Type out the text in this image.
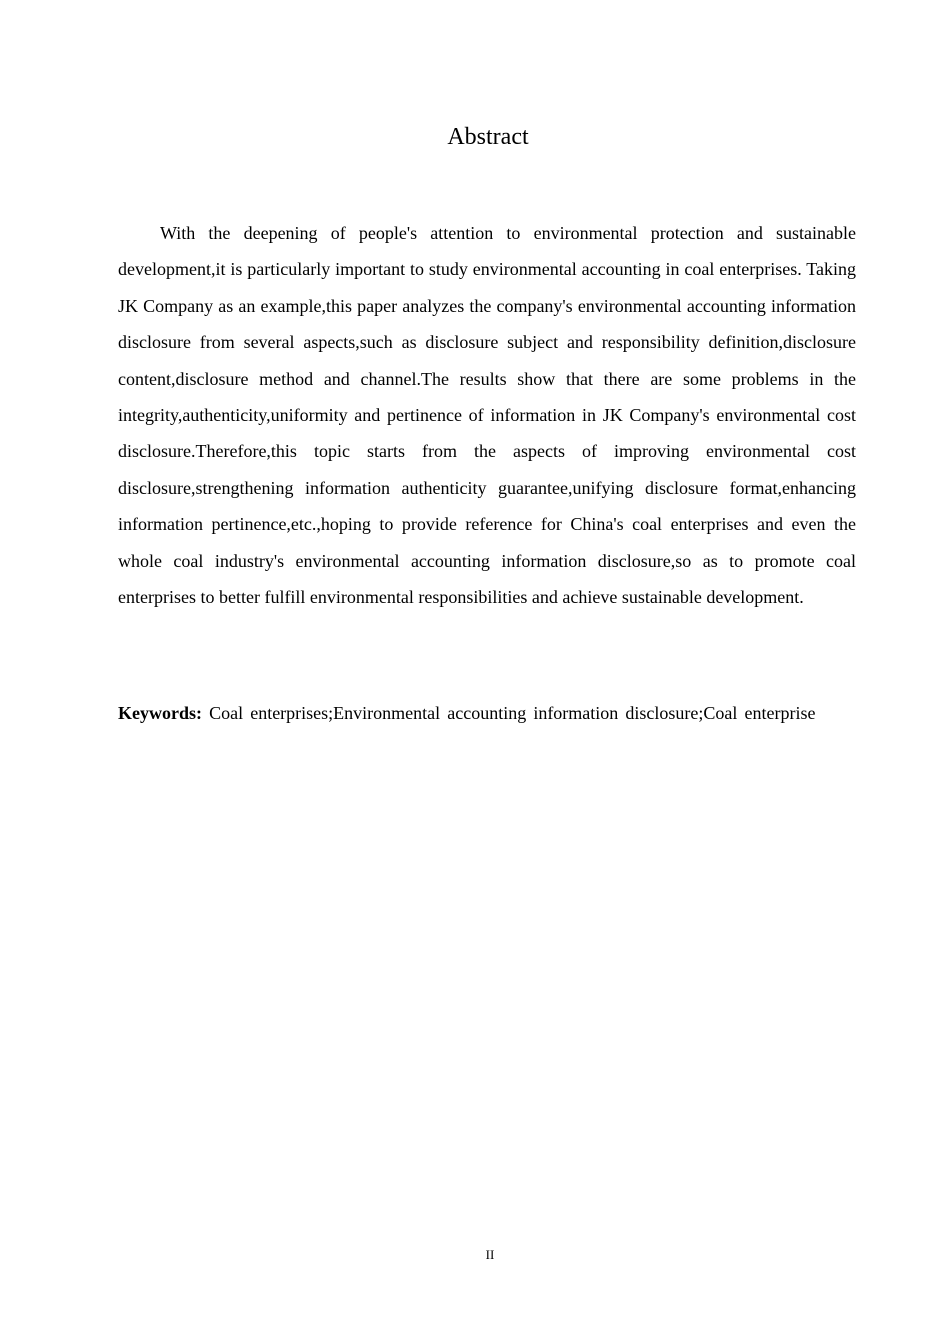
Abstract

With the deepening of people's attention to environmental protection and sustainable development,it is particularly important to study environmental accounting in coal enterprises. Taking JK Company as an example,this paper analyzes the company's environmental accounting information disclosure from several aspects,such as disclosure subject and responsibility definition,disclosure content,disclosure method and channel.The results show that there are some problems in the integrity,authenticity,uniformity and pertinence of information in JK Company's environmental cost disclosure.Therefore,this topic starts from the aspects of improving environmental cost disclosure,strengthening information authenticity guarantee,unifying disclosure format,enhancing information pertinence,etc.,hoping to provide reference for China's coal enterprises and even the whole coal industry's environmental accounting information disclosure,so as to promote coal enterprises to better fulfill environmental responsibilities and achieve sustainable development.

Keywords: Coal enterprises;Environmental accounting information disclosure;Coal enterprise

II
